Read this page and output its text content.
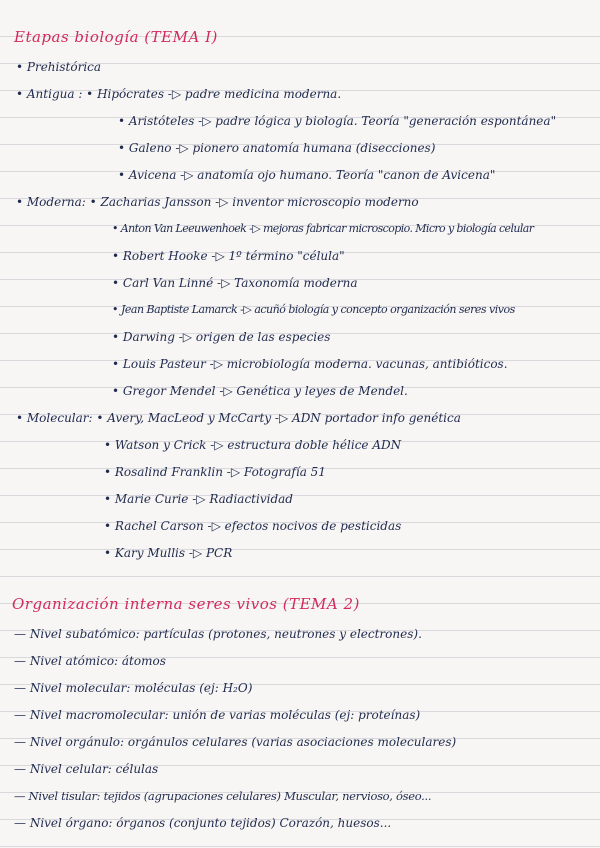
Etapas biología (TEMA I)
• Prehistórica
• Antigua : • Hipócrates -▷ padre medicina moderna.
• Aristóteles -▷ padre lógica y biología. Teoría "generación espontánea"
• Galeno -▷ pionero anatomía humana (disecciones)
• Avicena -▷ anatomía ojo humano. Teoría "canon de Avicena"
• Moderna: • Zacharias Jansson -▷ inventor microscopio moderno
• Anton Van Leeuwenhoek -▷ mejoras fabricar microscopio. Micro y biología celular
• Robert Hooke -▷ 1º término "célula"
• Carl Van Linné -▷ Taxonomía moderna
• Jean Baptiste Lamarck -▷ acuñó biología y concepto organización seres vivos
• Darwing -▷ origen de las especies
• Louis Pasteur -▷ microbiología moderna. vacunas, antibióticos.
• Gregor Mendel -▷ Genética y leyes de Mendel.
• Molecular: • Avery, MacLeod y McCarty -▷ ADN portador info genética
• Watson y Crick -▷ estructura doble hélice ADN
• Rosalind Franklin -▷ Fotografía 51
• Marie Curie -▷ Radiactividad
• Rachel Carson -▷ efectos nocivos de pesticidas
• Kary Mullis -▷ PCR
Organización interna seres vivos (TEMA 2)
— Nivel subatómico: partículas (protones, neutrones y electrones).
— Nivel atómico: átomos
— Nivel molecular: moléculas (ej: H₂O)
— Nivel macromolecular: unión de varias moléculas (ej: proteínas)
— Nivel orgánulo: orgánulos celulares (varias asociaciones moleculares)
— Nivel celular: células
— Nivel tisular: tejidos (agrupaciones celulares) Muscular, nervioso, óseo...
— Nivel órgano: órganos (conjunto tejidos) Corazón, huesos...
